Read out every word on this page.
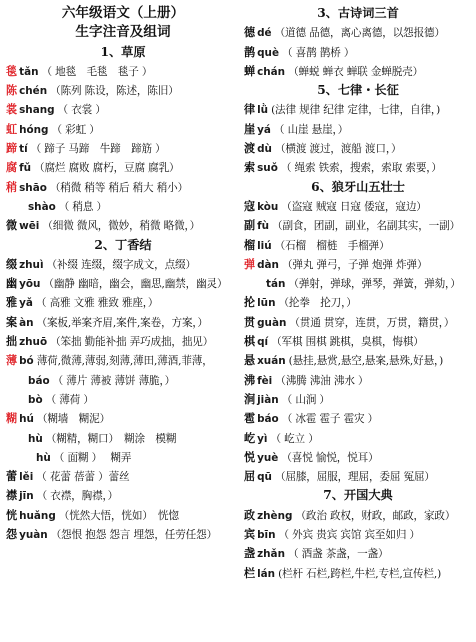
六年级语文（上册）
生字注音及组词
1、草原
毯 tǎn （ 地毯　毛毯　毯子 ）
陈 chén （陈列 陈设，陈述，陈旧）
裳 shang （ 衣裳 ）
虹 hóng （ 彩虹 ）
蹄 tí （ 蹄子 马蹄　牛蹄　蹄筋 ）
腐 fǔ （腐烂 腐败 腐朽，豆腐 腐乳）
稍 shāo （稍微 稍等 稍后 稍大 稍小）
shào （ 稍息 ）
微 wēi （细微 微风，微妙，稍微 略微，）
2、丁香结
缀 zhuì （补缀 连缀，缀字成文，点缀）
幽 yōu （幽静 幽暗，幽会，幽思,幽禁，幽灵）
雅 yǎ （ 高雅 文雅 雅致 雅座，）
案 àn （案板,举案齐眉,案件,案卷，方案，）
拙 zhuō （笨拙 勤能补拙 弄巧成拙，拙见）
薄 bó 薄荷,微薄,薄弱,刻薄,薄田,薄酒,菲薄，
báo （ 薄片 薄被 薄饼 薄脆，）
bò （ 薄荷 ）
糊 hú （糊墙　糊泥）
hù （糊精，糊口）　糊涂　模糊
hù （ 面糊 ）　 糊弄
蕾 lěi （ 花蕾 蓓蕾 ）蕾丝
襟 jīn （ 衣襟，胸襟，）
恍 huǎng （恍然大悟，恍如）　恍惚
怨 yuàn （怨恨 抱怨 怨言 埋怨，任劳任怨）
3、古诗词三首
德 dé （道德 品德，离心离德，以怨报德）
鹊 què （ 喜鹊 鹊桥 ）
蝉 chán （蝉蜕 蝉衣 蝉联 金蝉脱壳）
5、七律・长征
律 lǜ (法律 规律 纪律 定律，七律，自律，)
崖 yá （ 山崖 悬崖，）
渡 dù （横渡 渡过，渡船 渡口，）
索 suǒ （ 绳索 铁索，搜索，索取 索要，）
6、狼牙山五壮士
寇 kòu （盗寇 贼寇 日寇 倭寇，寇边）
副 fù （副食，团副，副业，名副其实，一副）
榴 liú （石榴　榴梿　手榴弹）
弹 dàn （弹丸 弹弓，子弹 炮弹 炸弹）
tán （弹射，弹球，弹琴，弹簧，弹劾，）
抡 lūn （抡拳　抡刀，）
贯 guàn （贯通 贯穿，连贯，万贯，籍贯，）
棋 qí （军棋 围棋 跳棋，臭棋，悔棋）
悬 xuán (悬挂,悬赏,悬空,悬案,悬殊,好悬，)
沸 fèi （沸腾 沸油 沸水 ）
涧 jiàn （ 山涧 ）
雹 báo （ 冰雹 雹子 雹灾 ）
屹 yì （ 屹立 ）
悦 yuè （喜悦 愉悦，悦耳）
屈 qū （屈膝，屈服，理屈，委屈 冤屈）
7、开国大典
政 zhèng （政治 政权，财政，邮政，家政）
宾 bīn （ 外宾 贵宾 宾馆 宾至如归 ）
盏 zhǎn （ 酒盏 茶盏，一盏）
栏 lán (栏杆 石栏,跨栏,牛栏,专栏,宣传栏,)
